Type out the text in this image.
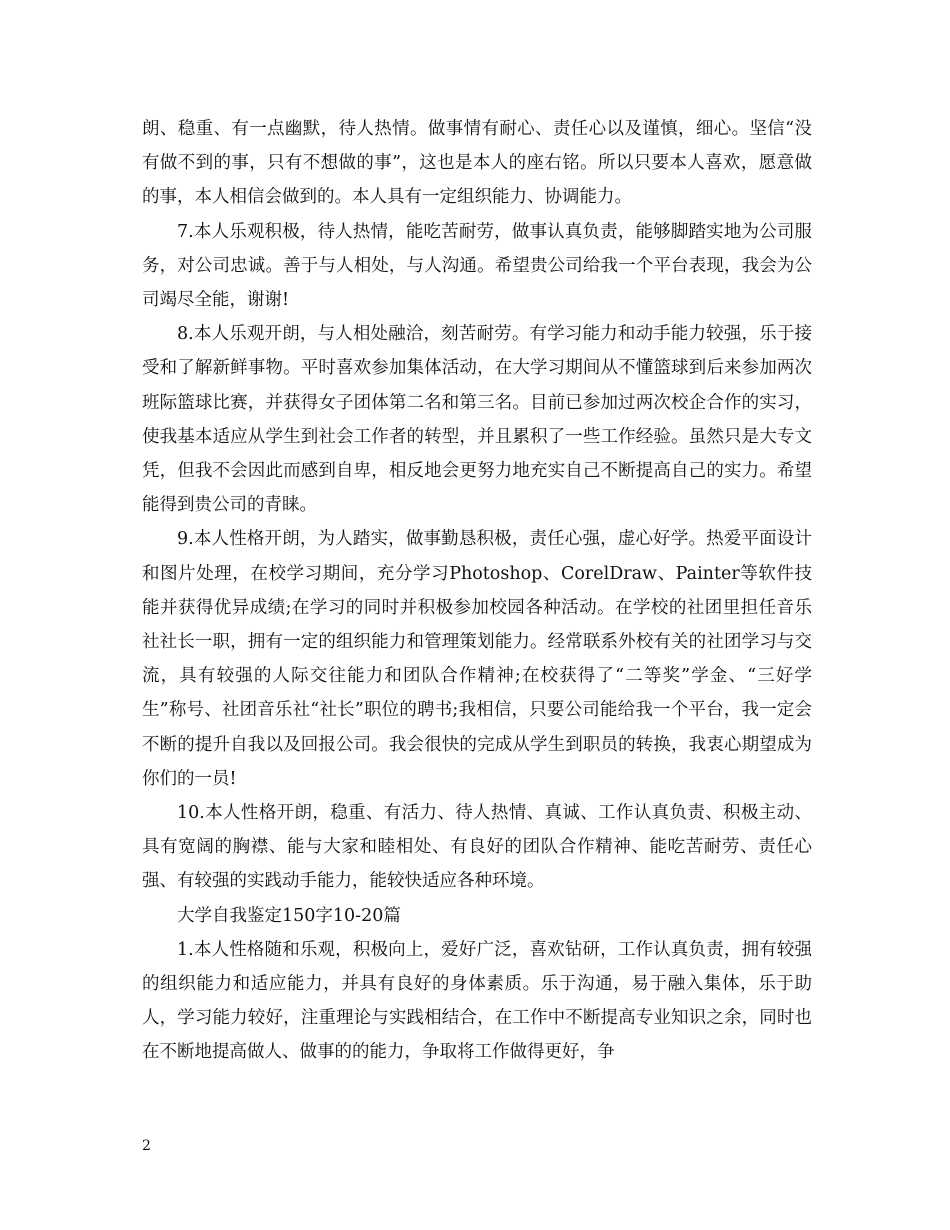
朗、稳重、有一点幽默，待人热情。做事情有耐心、责任心以及谨慎，细心。坚信“没有做不到的事，只有不想做的事”，这也是本人的座右铭。所以只要本人喜欢，愿意做的事，本人相信会做到的。本人具有一定组织能力、协调能力。

7.本人乐观积极，待人热情，能吃苦耐劳，做事认真负责，能够脚踏实地为公司服务，对公司忠诚。善于与人相处，与人沟通。希望贵公司给我一个平台表现，我会为公司竭尽全能，谢谢!

8.本人乐观开朗，与人相处融洽，刻苦耐劳。有学习能力和动手能力较强，乐于接受和了解新鲜事物。平时喜欢参加集体活动，在大学习期间从不懂篮球到后来参加两次班际篮球比赛，并获得女子团体第二名和第三名。目前已参加过两次校企合作的实习，使我基本适应从学生到社会工作者的转型，并且累积了一些工作经验。虽然只是大专文凭，但我不会因此而感到自卑，相反地会更努力地充实自己不断提高自己的实力。希望能得到贵公司的青睐。

9.本人性格开朗，为人踏实，做事勤恳积极，责任心强，虚心好学。热爱平面设计和图片处理，在校学习期间，充分学习Photoshop、CorelDraw、Painter等软件技能并获得优异成绩;在学习的同时并积极参加校园各种活动。在学校的社团里担任音乐社社长一职，拥有一定的组织能力和管理策划能力。经常联系外校有关的社团学习与交流，具有较强的人际交往能力和团队合作精神;在校获得了“二等奖”学金、“三好学生”称号、社团音乐社“社长”职位的聘书;我相信，只要公司能给我一个平台，我一定会不断的提升自我以及回报公司。我会很快的完成从学生到职员的转换，我衷心期望成为你们的一员!

10.本人性格开朗，稳重、有活力、待人热情、真诚、工作认真负责、积极主动、具有宽阔的胸襟、能与大家和睦相处、有良好的团队合作精神、能吃苦耐劳、责任心强、有较强的实践动手能力，能较快适应各种环境。

大学自我鉴定150字10-20篇

1.本人性格随和乐观，积极向上，爱好广泛，喜欢钻研，工作认真负责，拥有较强的组织能力和适应能力，并具有良好的身体素质。乐于沟通，易于融入集体，乐于助人，学习能力较好，注重理论与实践相结合，在工作中不断提高专业知识之余，同时也在不断地提高做人、做事的的能力，争取将工作做得更好，争

2
